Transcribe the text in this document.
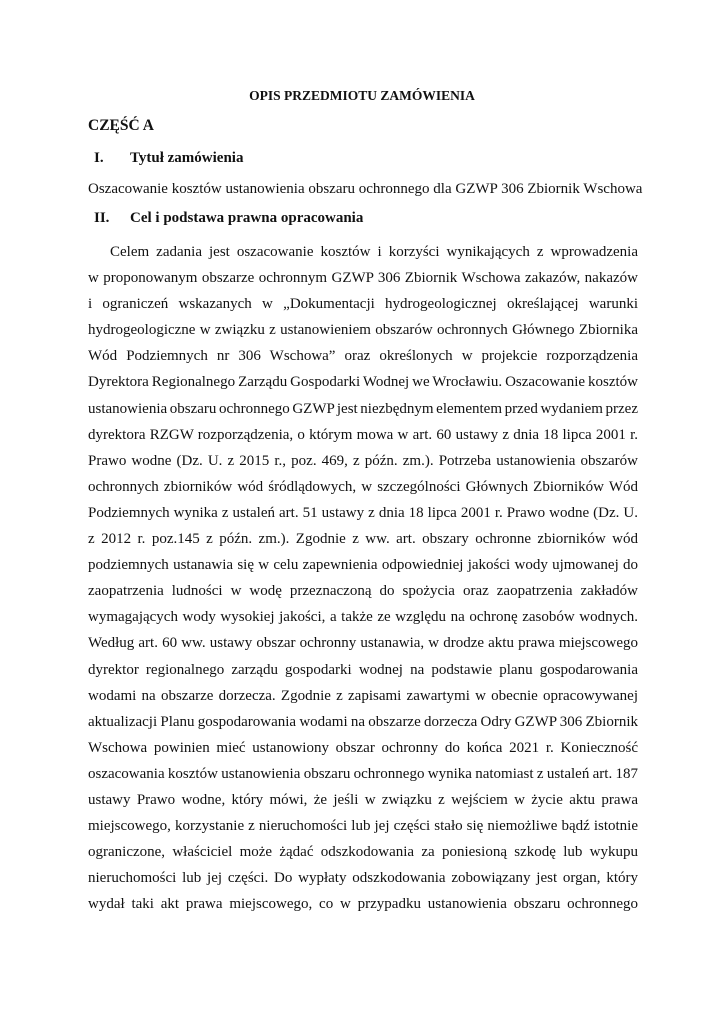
OPIS PRZEDMIOTU ZAMÓWIENIA
CZĘŚĆ A
I. Tytuł zamówienia

Oszacowanie kosztów ustanowienia obszaru ochronnego dla GZWP 306 Zbiornik Wschowa

II. Cel i podstawa prawna opracowania
Celem zadania jest oszacowanie kosztów i korzyści wynikających z wprowadzenia
w proponowanym obszarze ochronnym GZWP 306 Zbiornik Wschowa zakazów, nakazów
i ograniczeń wskazanych w „Dokumentacji hydrogeologicznej określającej warunki
hydrogeologiczne w związku z ustanowieniem obszarów ochronnych Głównego Zbiornika
Wód Podziemnych nr 306 Wschowa” oraz określonych w projekcie rozporządzenia
Dyrektora Regionalnego Zarządu Gospodarki Wodnej we Wrocławiu. Oszacowanie kosztów
ustanowienia obszaru ochronnego GZWP jest niezbędnym elementem przed wydaniem przez
dyrektora RZGW rozporządzenia, o którym mowa w art. 60 ustawy z dnia 18 lipca 2001 r.
Prawo wodne (Dz. U. z 2015 r., poz. 469, z późn. zm.). Potrzeba ustanowienia obszarów
ochronnych zbiorników wód śródlądowych, w szczególności Głównych Zbiorników Wód
Podziemnych wynika z ustaleń art. 51 ustawy z dnia 18 lipca 2001 r. Prawo wodne (Dz. U.
z 2012 r. poz.145 z późn. zm.). Zgodnie z ww. art. obszary ochronne zbiorników wód
podziemnych ustanawia się w celu zapewnienia odpowiedniej jakości wody ujmowanej do
zaopatrzenia ludności w wodę przeznaczoną do spożycia oraz zaopatrzenia zakładów
wymagających wody wysokiej jakości, a także ze względu na ochronę zasobów wodnych.
Według art. 60 ww. ustawy obszar ochronny ustanawia, w drodze aktu prawa miejscowego
dyrektor regionalnego zarządu gospodarki wodnej na podstawie planu gospodarowania
wodami na obszarze dorzecza. Zgodnie z zapisami zawartymi w obecnie opracowywanej
aktualizacji Planu gospodarowania wodami na obszarze dorzecza Odry GZWP 306 Zbiornik
Wschowa powinien mieć ustanowiony obszar ochronny do końca 2021 r. Konieczność
oszacowania kosztów ustanowienia obszaru ochronnego wynika natomiast z ustaleń art. 187
ustawy Prawo wodne, który mówi, że jeśli w związku z wejściem w życie aktu prawa
miejscowego, korzystanie z nieruchomości lub jej części stało się niemożliwe bądź istotnie
ograniczone, właściciel może żądać odszkodowania za poniesioną szkodę lub wykupu
nieruchomości lub jej części. Do wypłaty odszkodowania zobowiązany jest organ, który
wydał taki akt prawa miejscowego, co w przypadku ustanowienia obszaru ochronnego
